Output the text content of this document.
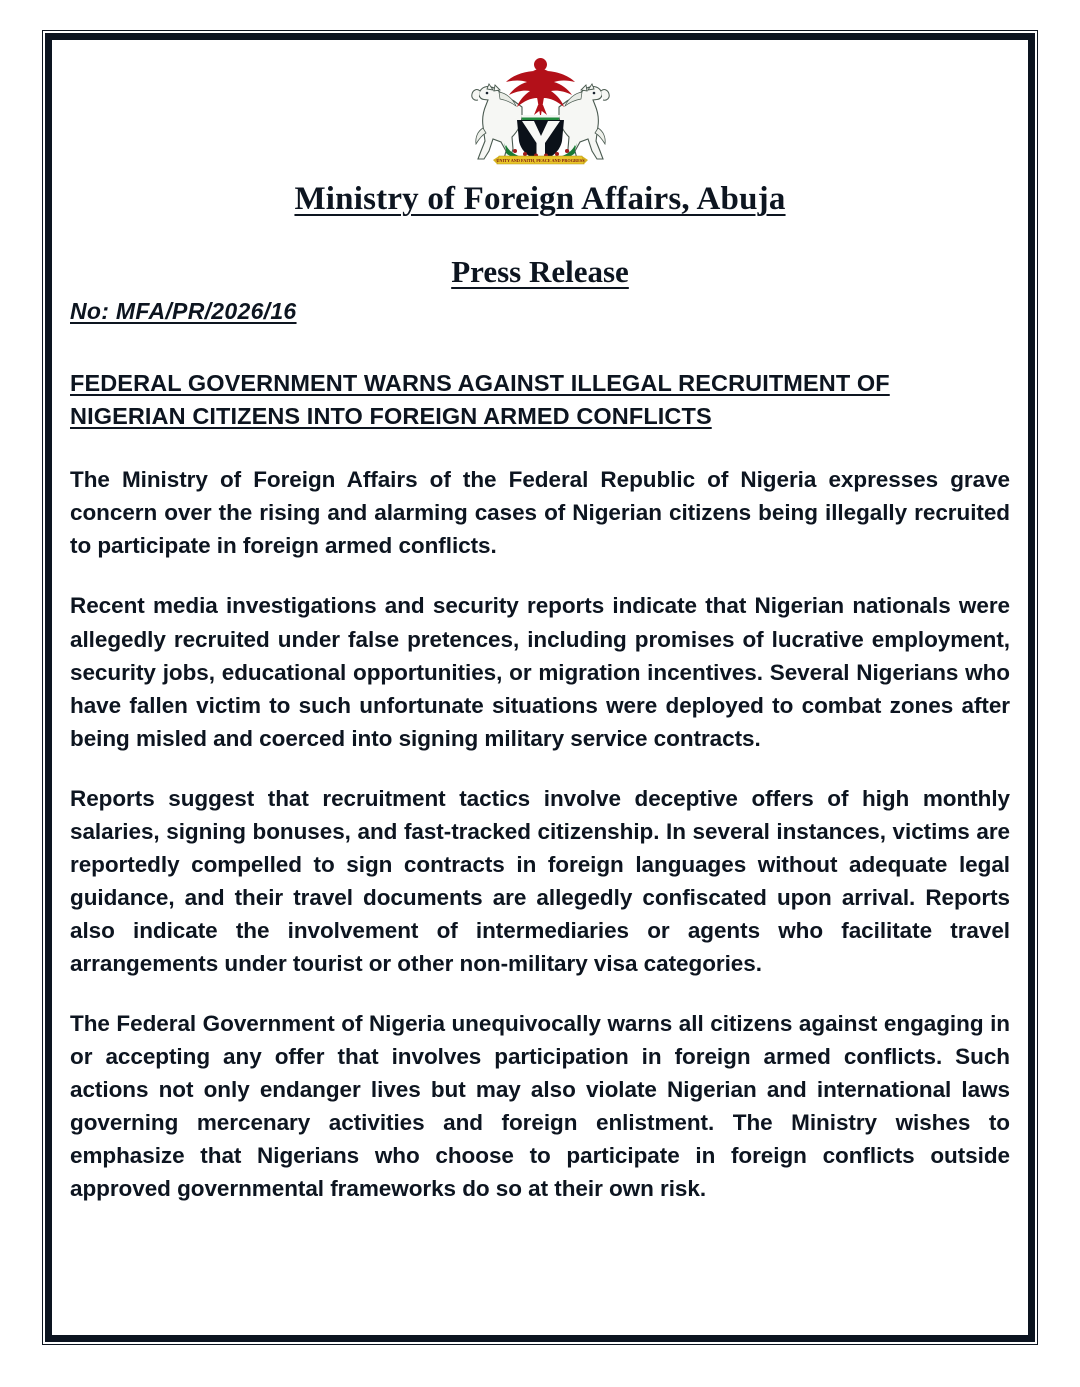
UNITY AND FAITH, PEACE AND PROGRESS
Ministry of Foreign Affairs, Abuja
Press Release
No: MFA/PR/2026/16
FEDERAL GOVERNMENT WARNS AGAINST ILLEGAL RECRUITMENT OF NIGERIAN CITIZENS INTO FOREIGN ARMED CONFLICTS

The Ministry of Foreign Affairs of the Federal Republic of Nigeria expresses grave concern over the rising and alarming cases of Nigerian citizens being illegally recruited to participate in foreign armed conflicts.

Recent media investigations and security reports indicate that Nigerian nationals were allegedly recruited under false pretences, including promises of lucrative employment, security jobs, educational opportunities, or migration incentives. Several Nigerians who have fallen victim to such unfortunate situations were deployed to combat zones after being misled and coerced into signing military service contracts.

Reports suggest that recruitment tactics involve deceptive offers of high monthly salaries, signing bonuses, and fast-tracked citizenship. In several instances, victims are reportedly compelled to sign contracts in foreign languages without adequate legal guidance, and their travel documents are allegedly confiscated upon arrival. Reports also indicate the involvement of intermediaries or agents who facilitate travel arrangements under tourist or other non-military visa categories.

The Federal Government of Nigeria unequivocally warns all citizens against engaging in or accepting any offer that involves participation in foreign armed conflicts. Such actions not only endanger lives but may also violate Nigerian and international laws governing mercenary activities and foreign enlistment. The Ministry wishes to emphasize that Nigerians who choose to participate in foreign conflicts outside approved governmental frameworks do so at their own risk.
